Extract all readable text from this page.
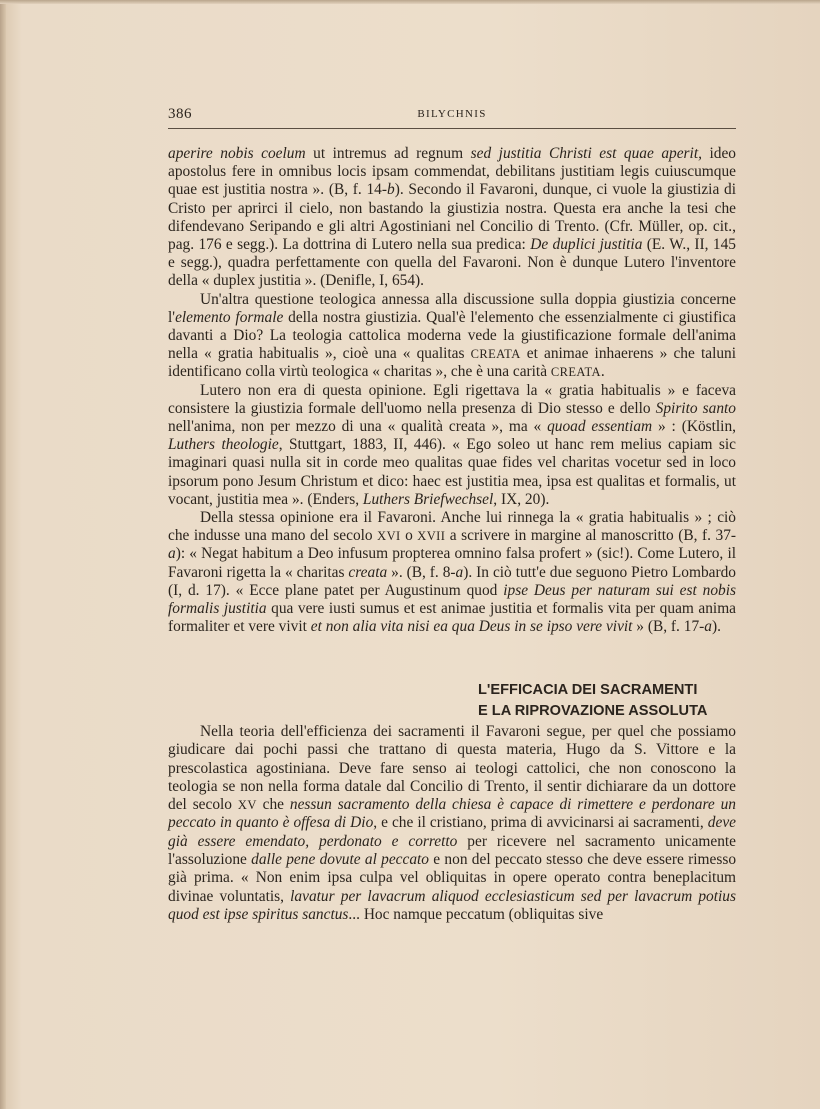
386	BILYCHNIS

aperire nobis coelum ut intremus ad regnum sed justitia Christi est quae aperit, ideo apostolus fere in omnibus locis ipsam commendat, debilitans justitiam legis cuiuscumque quae est justitia nostra ». (B, f. 14-b). Secondo il Favaroni, dunque, ci vuole la giustizia di Cristo per aprirci il cielo, non bastando la giustizia nostra. Questa era anche la tesi che difendevano Seripando e gli altri Agostiniani nel Concilio di Trento. (Cfr. Müller, op. cit., pag. 176 e segg.). La dottrina di Lutero nella sua predica: De duplici justitia (E. W., II, 145 e segg.), quadra perfettamente con quella del Favaroni. Non è dunque Lutero l'inventore della « duplex justitia ». (Denifle, I, 654).

Un'altra questione teologica annessa alla discussione sulla doppia giustizia concerne l'elemento formale della nostra giustizia. Qual'è l'elemento che essenzialmente ci giustifica davanti a Dio? La teologia cattolica moderna vede la giustificazione formale dell'anima nella « gratia habitualis », cioè una « qualitas CREATA et animae inhaerens » che taluni identificano colla virtù teologica « charitas », che è una carità CREATA.

Lutero non era di questa opinione. Egli rigettava la « gratia habitualis » e faceva consistere la giustizia formale dell'uomo nella presenza di Dio stesso e dello Spirito santo nell'anima, non per mezzo di una « qualità creata », ma « quoad essentiam » : (Köstlin, Luthers theologie, Stuttgart, 1883, II, 446). « Ego soleo ut hanc rem melius capiam sic imaginari quasi nulla sit in corde meo qualitas quae fides vel charitas vocetur sed in loco ipsorum pono Jesum Christum et dico: haec est justitia mea, ipsa est qualitas et formalis, ut vocant, justitia mea ». (Enders, Luthers Briefwechsel, IX, 20).

Della stessa opinione era il Favaroni. Anche lui rinnega la « gratia habitualis » ; ciò che indusse una mano del secolo XVI o XVII a scrivere in margine al manoscritto (B, f. 37-a): « Negat habitum a Deo infusum propterea omnino falsa profert » (sic!). Come Lutero, il Favaroni rigetta la « charitas creata ». (B, f. 8-a). In ciò tutt'e due seguono Pietro Lombardo (I, d. 17). « Ecce plane patet per Augustinum quod ipse Deus per naturam sui est nobis formalis justitia qua vere iusti sumus et est animae justitia et formalis vita per quam anima formaliter et vere vivit et non alia vita nisi ea qua Deus in se ipso vere vivit » (B, f. 17-a).

L'EFFICACIA DEI SACRAMENTI
E LA RIPROVAZIONE ASSOLUTA

Nella teoria dell'efficienza dei sacramenti il Favaroni segue, per quel che possiamo giudicare dai pochi passi che trattano di questa materia, Hugo da S. Vittore e la prescolastica agostiniana. Deve fare senso ai teologi cattolici, che non conoscono la teologia se non nella forma datale dal Concilio di Trento, il sentir dichiarare da un dottore del secolo XV che nessun sacramento della chiesa è capace di rimettere e perdonare un peccato in quanto è offesa di Dio, e che il cristiano, prima di avvicinarsi ai sacramenti, deve già essere emendato, perdonato e corretto per ricevere nel sacramento unicamente l'assoluzione dalle pene dovute al peccato e non del peccato stesso che deve essere rimesso già prima. « Non enim ipsa culpa vel obliquitas in opere operato contra beneplacitum divinae voluntatis, lavatur per lavacrum aliquod ecclesiasticum sed per lavacrum potius quod est ipse spiritus sanctus... Hoc namque peccatum (obliquitas sive
